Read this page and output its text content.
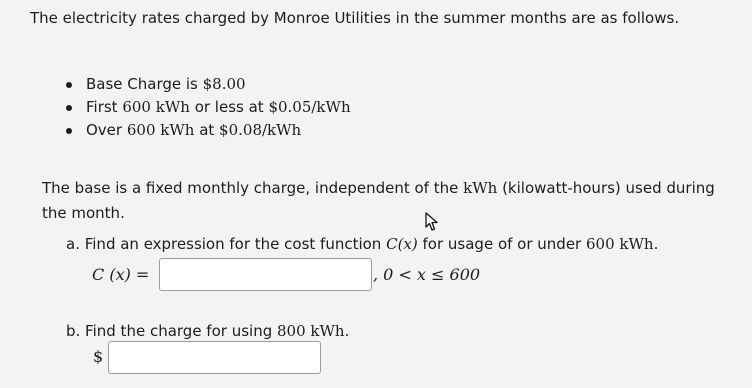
The electricity rates charged by Monroe Utilities in the summer months are as follows.
Base Charge is $8.00
First 600 kWh or less at $0.05/kWh
Over 600 kWh at $0.08/kWh
The base is a fixed monthly charge, independent of the kWh (kilowatt-hours) used during the month.
a. Find an expression for the cost function C(x) for usage of or under 600 kWh.
C (x) =	, 0 < x ≤ 600
b. Find the charge for using 800 kWh.
$
